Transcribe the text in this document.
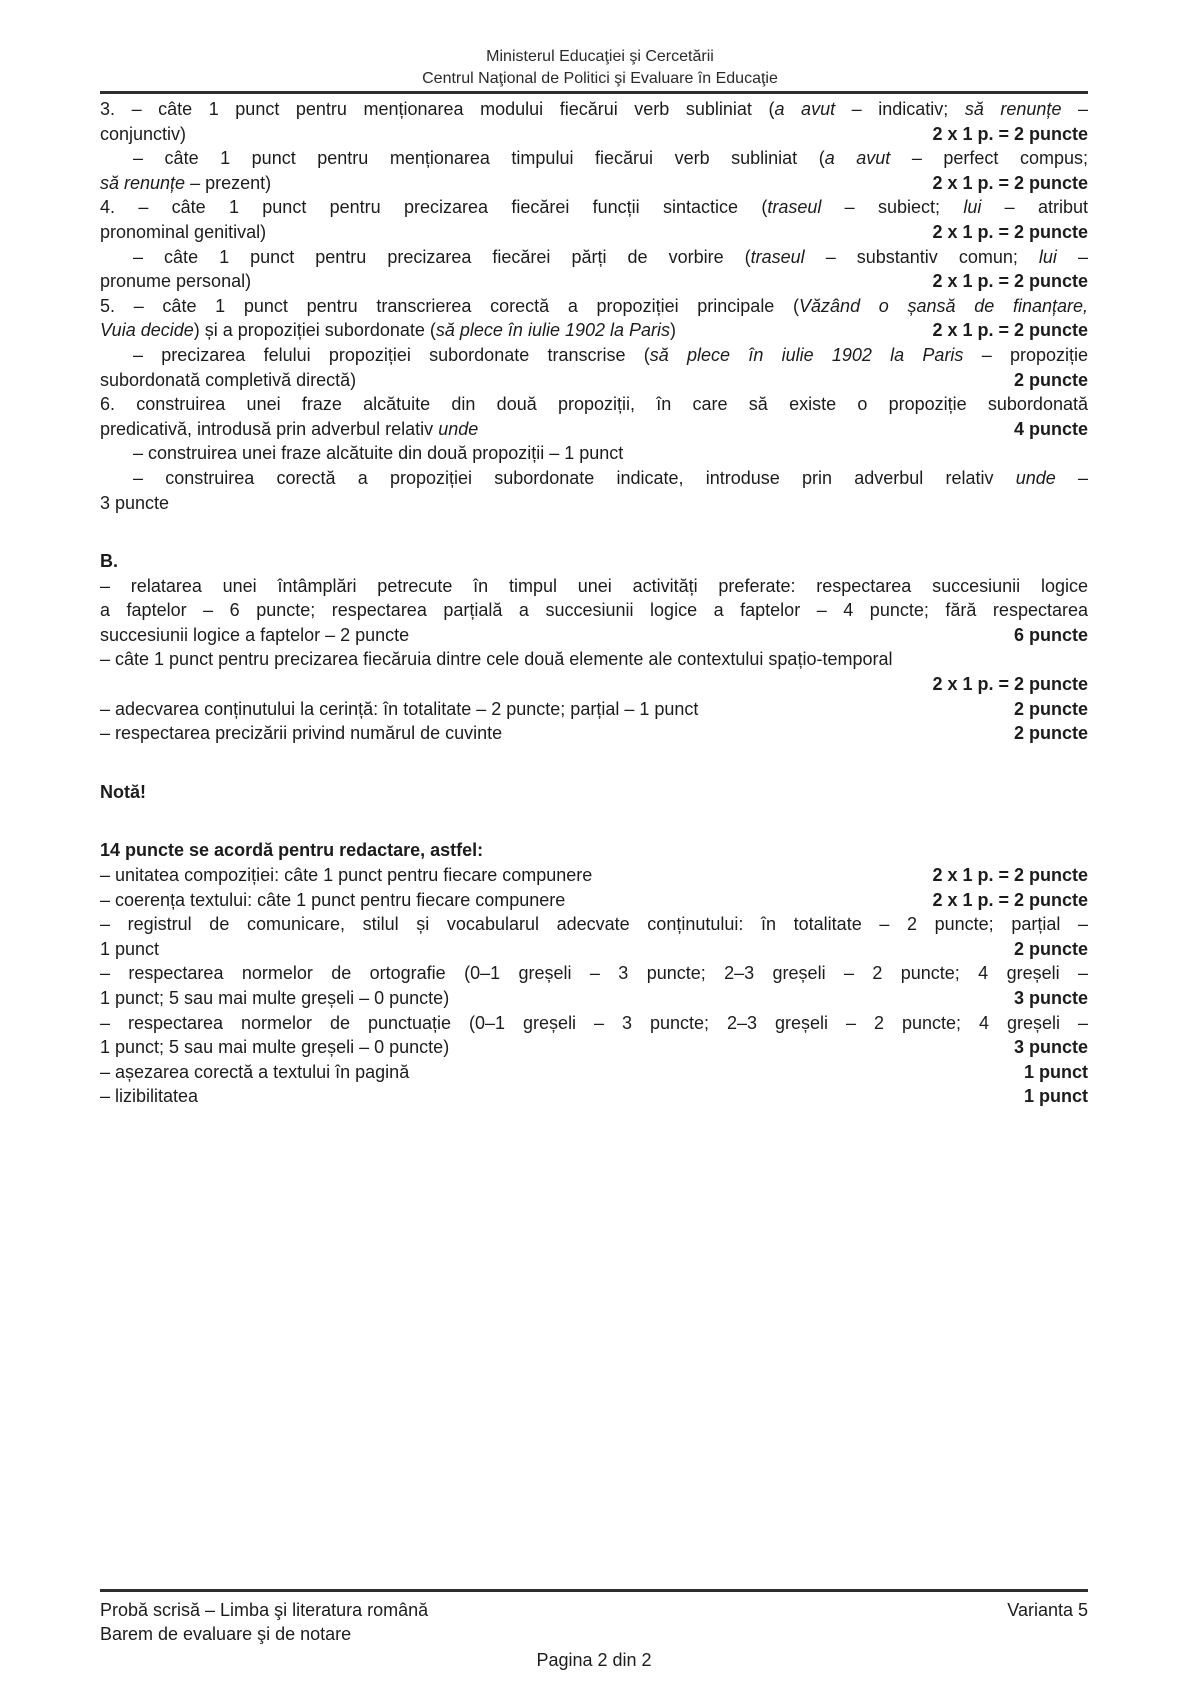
Ministerul Educaţiei şi Cercetării
Centrul Naţional de Politici şi Evaluare în Educaţie
3. – câte 1 punct pentru menționarea modului fiecărui verb subliniat (a avut – indicativ; să renunțe –
conjunctiv)	2 x 1 p. = 2 puncte
– câte 1 punct pentru menționarea timpului fiecărui verb subliniat (a avut – perfect compus;
să renunțe – prezent)	2 x 1 p. = 2 puncte
4. – câte 1 punct pentru precizarea fiecărei funcții sintactice (traseul – subiect; lui – atribut
pronominal genitival)	2 x 1 p. = 2 puncte
– câte 1 punct pentru precizarea fiecărei părți de vorbire (traseul – substantiv comun; lui –
pronume personal)	2 x 1 p. = 2 puncte
5. – câte 1 punct pentru transcrierea corectă a propoziției principale (Văzând o șansă de finanțare,
Vuia decide) și a propoziției subordonate (să plece în iulie 1902 la Paris)	2 x 1 p. = 2 puncte
– precizarea felului propoziției subordonate transcrise (să plece în iulie 1902 la Paris – propoziție
subordonată completivă directă)	2 puncte
6. construirea unei fraze alcătuite din două propoziții, în care să existe o propoziție subordonată
predicativă, introdusă prin adverbul relativ unde	4 puncte
– construirea unei fraze alcătuite din două propoziții – 1 punct
– construirea corectă a propoziției subordonate indicate, introduse prin adverbul relativ unde –
3 puncte
B.
– relatarea unei întâmplări petrecute în timpul unei activități preferate: respectarea succesiunii logice
a faptelor – 6 puncte; respectarea parțială a succesiunii logice a faptelor – 4 puncte; fără respectarea
succesiunii logice a faptelor – 2 puncte	6 puncte
– câte 1 punct pentru precizarea fiecăruia dintre cele două elemente ale contextului spațio-temporal
2 x 1 p. = 2 puncte
– adecvarea conținutului la cerință: în totalitate – 2 puncte; parțial – 1 punct	2 puncte
– respectarea precizării privind numărul de cuvinte	2 puncte
Notă!
14 puncte se acordă pentru redactare, astfel:
– unitatea compoziției: câte 1 punct pentru fiecare compunere	2 x 1 p. = 2 puncte
– coerența textului: câte 1 punct pentru fiecare compunere	2 x 1 p. = 2 puncte
– registrul de comunicare, stilul și vocabularul adecvate conținutului: în totalitate – 2 puncte; parțial –
1 punct	2 puncte
– respectarea normelor de ortografie (0–1 greșeli – 3 puncte; 2–3 greșeli – 2 puncte; 4 greșeli –
1 punct; 5 sau mai multe greșeli – 0 puncte)	3 puncte
– respectarea normelor de punctuație (0–1 greșeli – 3 puncte; 2–3 greșeli – 2 puncte; 4 greșeli –
1 punct; 5 sau mai multe greșeli – 0 puncte)	3 puncte
– așezarea corectă a textului în pagină	1 punct
– lizibilitatea	1 punct
Probă scrisă – Limba şi literatura română
Barem de evaluare şi de notare
Varianta 5
Pagina 2 din 2
